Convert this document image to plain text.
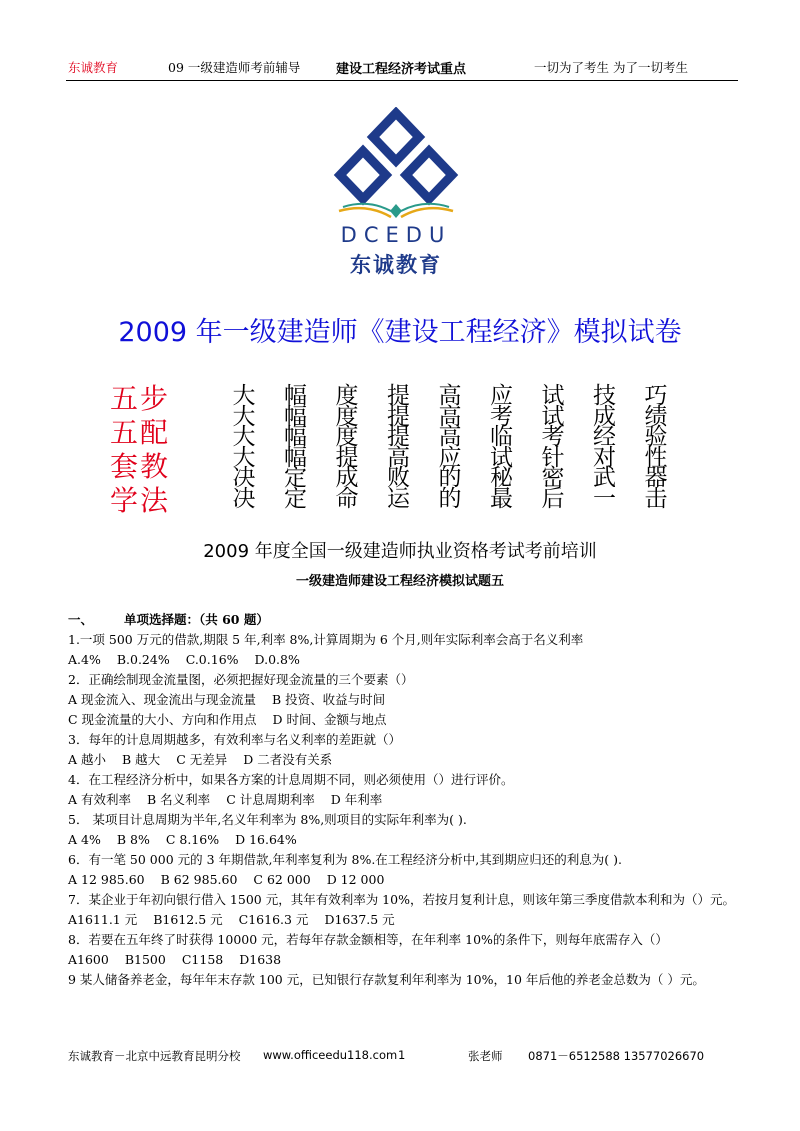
东诚教育	09 一级建造师考前辅导	建设工程经济考试重点	一切为了考生 为了一切考生
DCEDU
东诚教育
2009 年一级建造师《建设工程经济》模拟试卷
五步
五配
套教
学法
大 幅 度 提 高 应 试 技 巧
大 幅 度 提 高 考 试 成 绩
大 幅 度 提 高 临 考 经 验
大 幅 提 高 应 试 针 对 性
决 定 成 败 的 秘 密 武 器
决 定 命 运 的 最 后 一 击
2009 年度全国一级建造师执业资格考试考前培训
一级建造师建设工程经济模拟试题五
一、 单项选择题：（共 60 题）
1.一项 500 万元的借款,期限 5 年,利率 8%,计算周期为 6 个月,则年实际利率会高于名义利率
A.4% B.0.24% C.0.16% D.0.8%
2．正确绘制现金流量图，必须把握好现金流量的三个要素（）
A 现金流入、现金流出与现金流量 B 投资、收益与时间
C 现金流量的大小、方向和作用点 D 时间、金额与地点
3．每年的计息周期越多，有效利率与名义利率的差距就（）
A 越小 B 越大 C 无差异 D 二者没有关系
4．在工程经济分析中，如果各方案的计息周期不同，则必须使用（）进行评价。
A 有效利率 B 名义利率 C 计息周期利率 D 年利率
5． 某项目计息周期为半年,名义年利率为 8%,则项目的实际年利率为( ).
A 4% B 8% C 8.16% D 16.64%
6．有一笔 50 000 元的 3 年期借款,年利率复利为 8%.在工程经济分析中,其到期应归还的利息为( ).
A 12 985.60 B 62 985.60 C 62 000 D 12 000
7．某企业于年初向银行借入 1500 元，其年有效利率为 10%，若按月复利计息，则该年第三季度借款本利和为（）元。
A1611.1 元 B1612.5 元 C1616.3 元 D1637.5 元
8．若要在五年终了时获得 10000 元，若每年存款金额相等，在年利率 10%的条件下，则每年底需存入（）
A1600 B1500 C1158 D1638
9 某人储备养老金，每年年末存款 100 元，已知银行存款复利年利率为 10%，10 年后他的养老金总数为（ ）元。
东诚教育－北京中远教育昆明分校 www.officeedu118.com 1	张老师 0871－6512588 13577026670
